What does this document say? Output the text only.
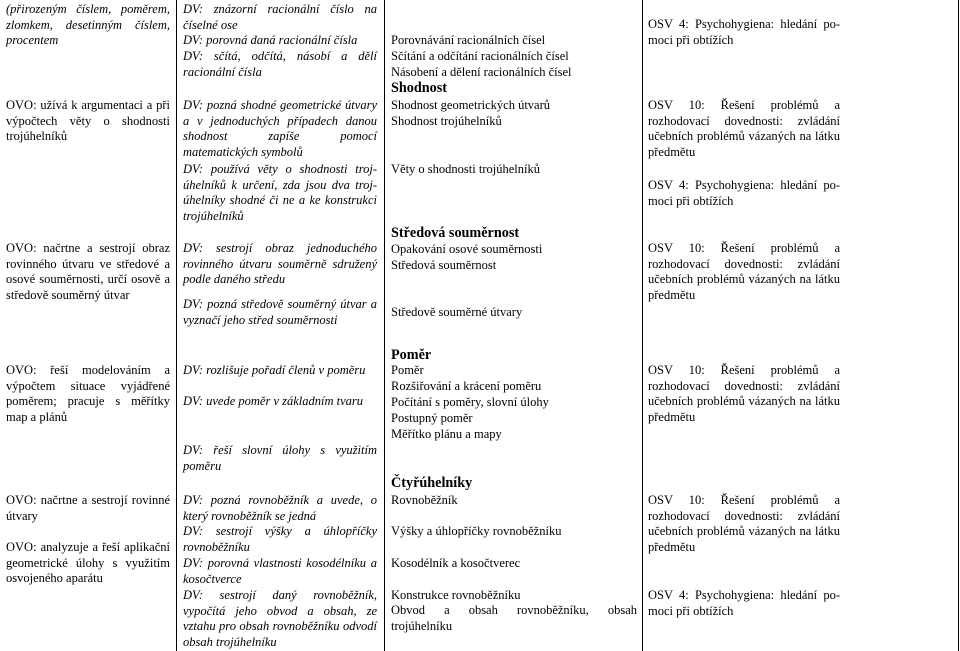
(přirozeným číslem, poměrem, zlomkem, desetinným číslem, procentem

OVO: užívá k argumentaci a při výpočtech věty o shodnosti trojúhelníků

OVO: načrtne a sestrojí obraz rovinného útvaru ve středové a osové souměrnosti, určí osově a středově souměrný útvar

OVO: řeší modelováním a výpočtem situace vyjádřené poměrem; pracuje s měřítky map a plánů

OVO: načrtne a sestrojí rovinné útvary

OVO: analyzuje a řeší aplikační geometrické úlohy s využitím osvojeného aparátu

DV: znázorní racionální číslo na číselné ose

DV: porovná daná racionální čísla

DV: sčítá, odčítá, násobí a dělí racionální čísla

DV: pozná shodné geometrické útvary a v jednoduchých případech danou shodnost zapíše pomocí matematických symbolů

DV: používá věty o shodnosti troj-úhelníků k určení, zda jsou dva troj-úhelníky shodné či ne a ke konstrukci trojúhelníků

DV: sestrojí obraz jednoduchého rovinného útvaru souměrně sdružený podle daného středu

DV: pozná středově souměrný útvar a vyznačí jeho střed souměrnosti

DV: rozlišuje pořadí členů v poměru

DV: uvede poměr v základním tvaru

DV: řeší slovní úlohy s využitím poměru

DV: pozná rovnoběžník a uvede, o který rovnoběžník se jedná

DV: sestrojí výšky a úhlopříčky rovnoběžníku

DV: porovná vlastnosti kosodélníku a kosočtverce

DV: sestrojí daný rovnoběžník, vypočítá jeho obvod a obsah, ze vztahu pro obsah rovnoběžníku odvodí obsah trojúhelníku

Porovnávání racionálních čísel

Sčítání a odčítání racionálních čísel

Násobení a dělení racionálních čísel

Shodnost

Shodnost geometrických útvarů

Shodnost trojúhelníků

Věty o shodnosti trojúhelníků

Středová souměrnost

Opakování osové souměrnosti

Středová souměrnost

Středově souměrné útvary

Poměr

Poměr

Rozšiřování a krácení poměru

Počítání s poměry, slovní úlohy

Postupný poměr

Měřítko plánu a mapy

Čtyřúhelníky

Rovnoběžník

Výšky a úhlopříčky rovnoběžníku

Kosodélník a kosočtverec

Konstrukce rovnoběžníku

Obvod a obsah rovnoběžníku, obsah trojúhelníku

OSV 4: Psychohygiena: hledání po-moci při obtížích

OSV 10: Řešení problémů a rozhodovací dovednosti: zvládání učebních problémů vázaných na látku předmětu

OSV 4: Psychohygiena: hledání po-moci při obtížích

OSV 10: Řešení problémů a rozhodovací dovednosti: zvládání učebních problémů vázaných na látku předmětu

OSV 10: Řešení problémů a rozhodovací dovednosti: zvládání učebních problémů vázaných na látku předmětu

OSV 10: Řešení problémů a rozhodovací dovednosti: zvládání učebních problémů vázaných na látku předmětu

OSV 4: Psychohygiena: hledání po-moci při obtížích
